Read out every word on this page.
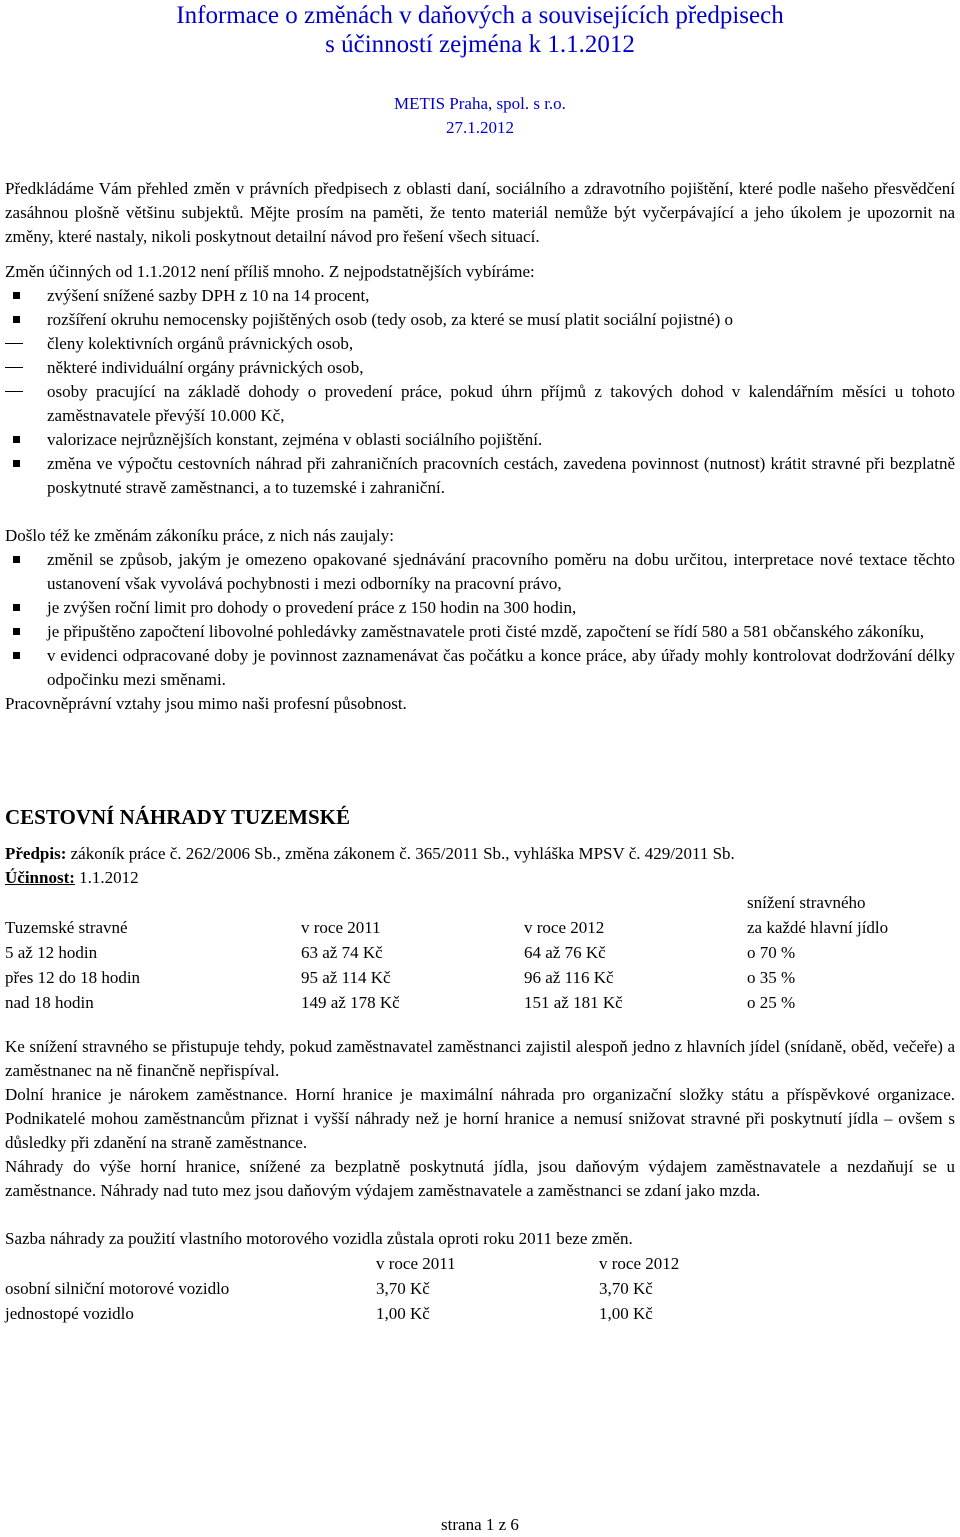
Informace o změnách v daňových a souvisejících předpisech
s účinností zejména k 1.1.2012
METIS Praha, spol. s r.o.
27.1.2012

Předkládáme Vám přehled změn v právních předpisech z oblasti daní, sociálního a zdravotního pojištění, které podle našeho přesvědčení zasáhnou plošně většinu subjektů. Mějte prosím na paměti, že tento materiál nemůže být vyčerpávající a jeho úkolem je upozornit na změny, které nastaly, nikoli poskytnout detailní návod pro řešení všech situací.

Změn účinných od 1.1.2012 není příliš mnoho. Z nejpodstatnějších vybíráme:

zvýšení snížené sazby DPH z 10 na 14 procent,
rozšíření okruhu nemocensky pojištěných osob (tedy osob, za které se musí platit sociální pojistné) o
členy kolektivních orgánů právnických osob,
některé individuální orgány právnických osob,
osoby pracující na základě dohody o provedení práce, pokud úhrn příjmů z takových dohod v kalendářním měsíci u tohoto zaměstnavatele převýší 10.000 Kč,
valorizace nejrůznějších konstant, zejména v oblasti sociálního pojištění.
změna ve výpočtu cestovních náhrad při zahraničních pracovních cestách, zavedena povinnost (nutnost) krátit stravné při bezplatně poskytnuté stravě zaměstnanci, a to tuzemské i zahraniční.

Došlo též ke změnám zákoníku práce, z nich nás zaujaly:

změnil se způsob, jakým je omezeno opakované sjednávání pracovního poměru na dobu určitou, interpretace nové textace těchto ustanovení však vyvolává pochybnosti i mezi odborníky na pracovní právo,
je zvýšen roční limit pro dohody o provedení práce z 150 hodin na 300 hodin,
je připuštěno započtení libovolné pohledávky zaměstnavatele proti čisté mzdě, započtení se řídí 580 a 581 občanského zákoníku,
v evidenci odpracované doby je povinnost zaznamenávat čas počátku a konce práce, aby úřady mohly kontrolovat dodržování délky odpočinku mezi směnami.

Pracovněprávní vztahy jsou mimo naši profesní působnost.

CESTOVNÍ NÁHRADY TUZEMSKÉ

Předpis: zákoník práce č. 262/2006 Sb., změna zákonem č. 365/2011 Sb., vyhláška MPSV č. 429/2011 Sb.

Účinnost: 1.1.2012

			snížení stravného
Tuzemské stravné	v roce 2011	v roce 2012	za každé hlavní jídlo
5 až 12 hodin	63 až 74 Kč	64 až 76 Kč	o 70 %
přes 12 do 18 hodin	95 až 114 Kč	96 až 116 Kč	o 35 %
nad 18 hodin	149 až 178 Kč	151 až 181 Kč	o 25 %

Ke snížení stravného se přistupuje tehdy, pokud zaměstnavatel zaměstnanci zajistil alespoň jedno z hlavních jídel (snídaně, oběd, večeře) a zaměstnanec na ně finančně nepřispíval.

Dolní hranice je nárokem zaměstnance. Horní hranice je maximální náhrada pro organizační složky státu a příspěvkové organizace. Podnikatelé mohou zaměstnancům přiznat i vyšší náhrady než je horní hranice a nemusí snižovat stravné při poskytnutí jídla – ovšem s důsledky při zdanění na straně zaměstnance.

Náhrady do výše horní hranice, snížené za bezplatně poskytnutá jídla, jsou daňovým výdajem zaměstnavatele a nezdaňují se u zaměstnance. Náhrady nad tuto mez jsou daňovým výdajem zaměstnavatele a zaměstnanci se zdaní jako mzda.

Sazba náhrady za použití vlastního motorového vozidla zůstala oproti roku 2011 beze změn.

	v roce 2011	v roce 2012
osobní silniční motorové vozidlo	3,70 Kč	3,70 Kč
jednostopé vozidlo	1,00 Kč	1,00 Kč
strana 1 z 6
